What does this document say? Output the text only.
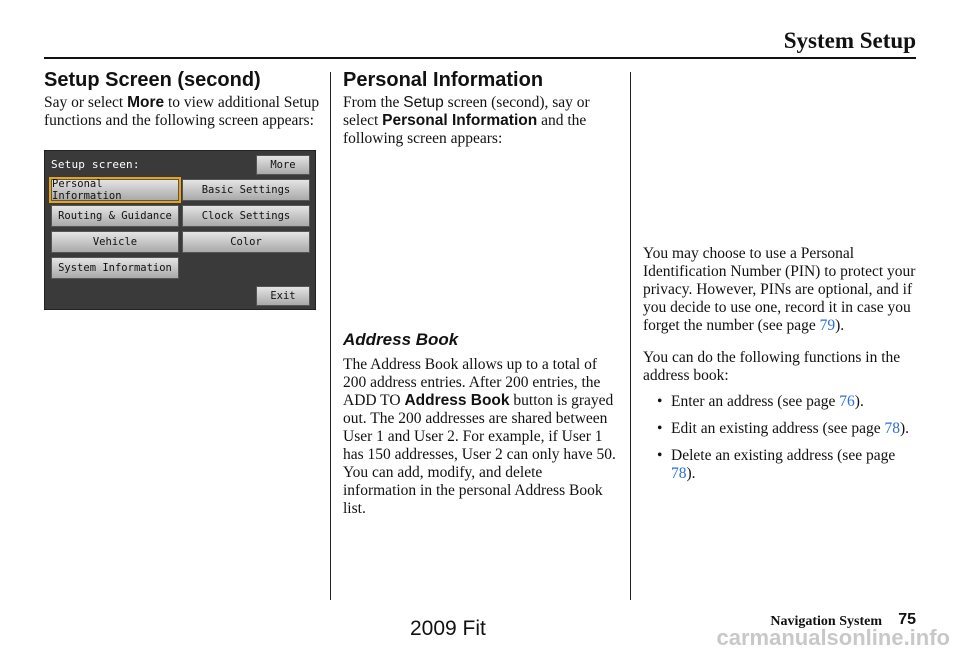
System Setup
Setup Screen (second)

Say or select More to view additional Setup functions and the following screen appears:

Setup screen:	More
Personal Information	Basic Settings
Routing & Guidance	Clock Settings
Vehicle	Color
System Information
Exit
Personal Information

From the Setup screen (second), say or select Personal Information and the following screen appears:

Address Book

The Address Book allows up to a total of 200 address entries. After 200 entries, the ADD TO Address Book button is grayed out. The 200 addresses are shared between User 1 and User 2. For example, if User 1 has 150 addresses, User 2 can only have 50.

You can add, modify, and delete information in the personal Address Book list.

You may choose to use a Personal Identification Number (PIN) to protect your privacy. However, PINs are optional, and if you decide to use one, record it in case you forget the number (see page 79).

You can do the following functions in the address book:

• Enter an address (see page 76).
• Edit an existing address (see page 78).
• Delete an existing address (see page 78).
Navigation System 75
2009 Fit	carmanualsonline.info
